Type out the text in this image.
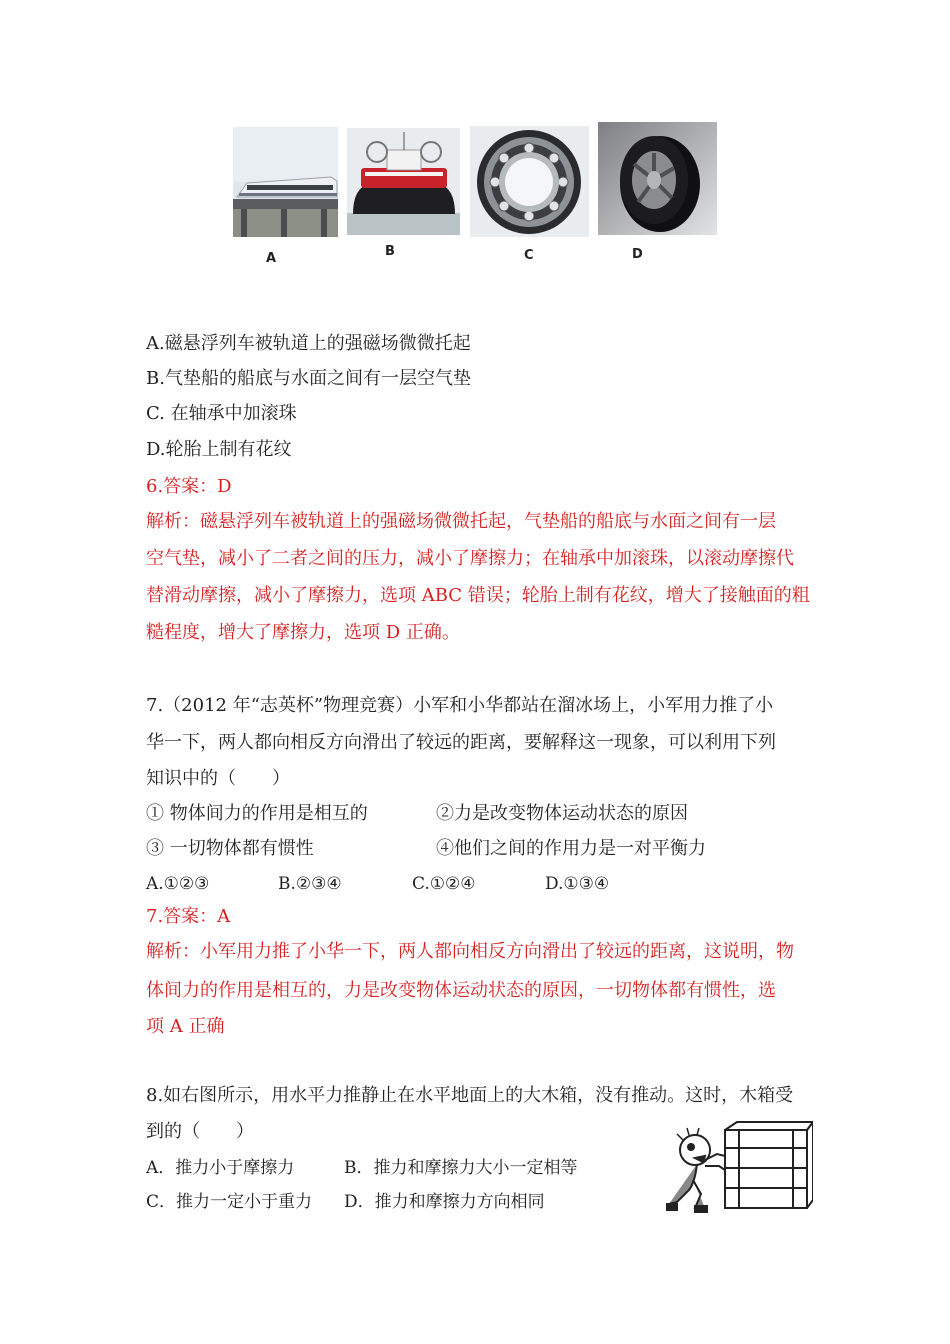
A	B	C	D
A.磁悬浮列车被轨道上的强磁场微微托起
B.气垫船的船底与水面之间有一层空气垫
C. 在轴承中加滚珠
D.轮胎上制有花纹
6.答案：D
解析：磁悬浮列车被轨道上的强磁场微微托起，气垫船的船底与水面之间有一层
空气垫，减小了二者之间的压力，减小了摩擦力；在轴承中加滚珠，以滚动摩擦代
替滑动摩擦，减小了摩擦力，选项 ABC 错误；轮胎上制有花纹，增大了接触面的粗
糙程度，增大了摩擦力，选项 D 正确。
7.（2012 年“志英杯”物理竞赛）小军和小华都站在溜冰场上，小军用力推了小
华一下，两人都向相反方向滑出了较远的距离，要解释这一现象，可以利用下列
知识中的（　　）
① 物体间力的作用是相互的	②力是改变物体运动状态的原因
③ 一切物体都有惯性	④他们之间的作用力是一对平衡力
A.①②③	B.②③④	C.①②④	D.①③④
7.答案：A
解析：小军用力推了小华一下，两人都向相反方向滑出了较远的距离，这说明，物
体间力的作用是相互的，力是改变物体运动状态的原因，一切物体都有惯性，选
项 A 正确
8.如右图所示，用水平力推静止在水平地面上的大木箱，没有推动。这时，木箱受
到的（　　）
A．推力小于摩擦力	B．推力和摩擦力大小一定相等
C．推力一定小于重力 D．推力和摩擦力方向相同
